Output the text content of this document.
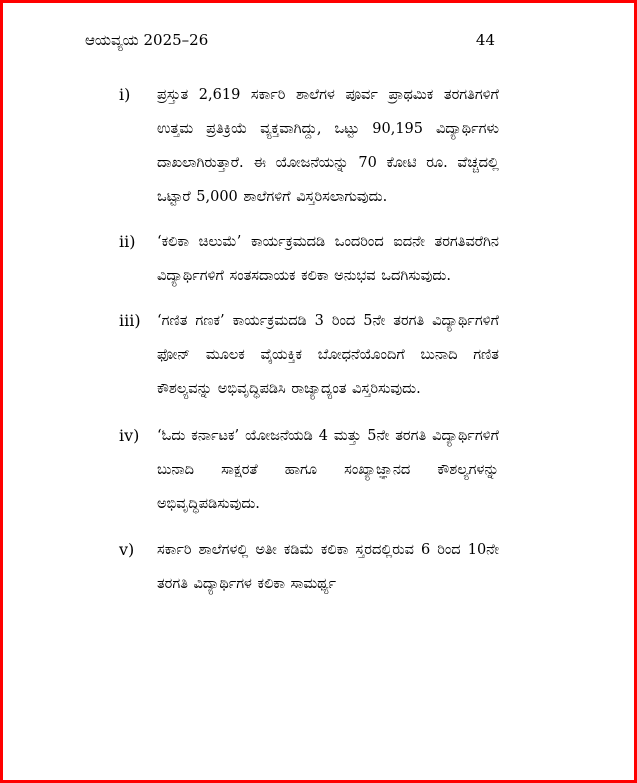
ಆಯವ್ಯಯ 2025–26	44
i) ಪ್ರಸ್ತುತ 2,619 ಸರ್ಕಾರಿ ಶಾಲೆಗಳ ಪೂರ್ವ ಪ್ರಾಥಮಿಕ ತರಗತಿಗಳಿಗೆ ಉತ್ತಮ ಪ್ರತಿಕ್ರಿಯೆ ವ್ಯಕ್ತವಾಗಿದ್ದು, ಒಟ್ಟು 90,195 ವಿದ್ಯಾರ್ಥಿಗಳು ದಾಖಲಾಗಿರುತ್ತಾರೆ. ಈ ಯೋಜನೆಯನ್ನು 70 ಕೋಟಿ ರೂ. ವೆಚ್ಚದಲ್ಲಿ ಒಟ್ಟಾರೆ 5,000 ಶಾಲೆಗಳಿಗೆ ವಿಸ್ತರಿಸಲಾಗುವುದು.
ii) ‘ಕಲಿಕಾ ಚಿಲುಮೆ’ ಕಾರ್ಯಕ್ರಮದಡಿ ಒಂದರಿಂದ ಐದನೇ ತರಗತಿವರೆಗಿನ ವಿದ್ಯಾರ್ಥಿಗಳಿಗೆ ಸಂತಸದಾಯಕ ಕಲಿಕಾ ಅನುಭವ ಒದಗಿಸುವುದು.
iii) ‘ಗಣಿತ ಗಣಕ’ ಕಾರ್ಯಕ್ರಮದಡಿ 3 ರಿಂದ 5ನೇ ತರಗತಿ ವಿದ್ಯಾರ್ಥಿಗಳಿಗೆ ಫೋನ್ ಮೂಲಕ ವೈಯಕ್ತಿಕ ಬೋಧನೆಯೊಂದಿಗೆ ಬುನಾದಿ ಗಣಿತ ಕೌಶಲ್ಯವನ್ನು ಅಭಿವೃದ್ಧಿಪಡಿಸಿ ರಾಜ್ಯಾದ್ಯಂತ ವಿಸ್ತರಿಸುವುದು.
iv) ‘ಓದು ಕರ್ನಾಟಕ’ ಯೋಜನೆಯಡಿ 4 ಮತ್ತು 5ನೇ ತರಗತಿ ವಿದ್ಯಾರ್ಥಿಗಳಿಗೆ ಬುನಾದಿ ಸಾಕ್ಷರತೆ ಹಾಗೂ ಸಂಖ್ಯಾಜ್ಞಾನದ ಕೌಶಲ್ಯಗಳನ್ನು ಅಭಿವೃದ್ಧಿಪಡಿಸುವುದು.
v) ಸರ್ಕಾರಿ ಶಾಲೆಗಳಲ್ಲಿ ಅತೀ ಕಡಿಮೆ ಕಲಿಕಾ ಸ್ತರದಲ್ಲಿರುವ 6 ರಿಂದ 10ನೇ ತರಗತಿ ವಿದ್ಯಾರ್ಥಿಗಳ ಕಲಿಕಾ ಸಾಮರ್ಥ್ಯ
